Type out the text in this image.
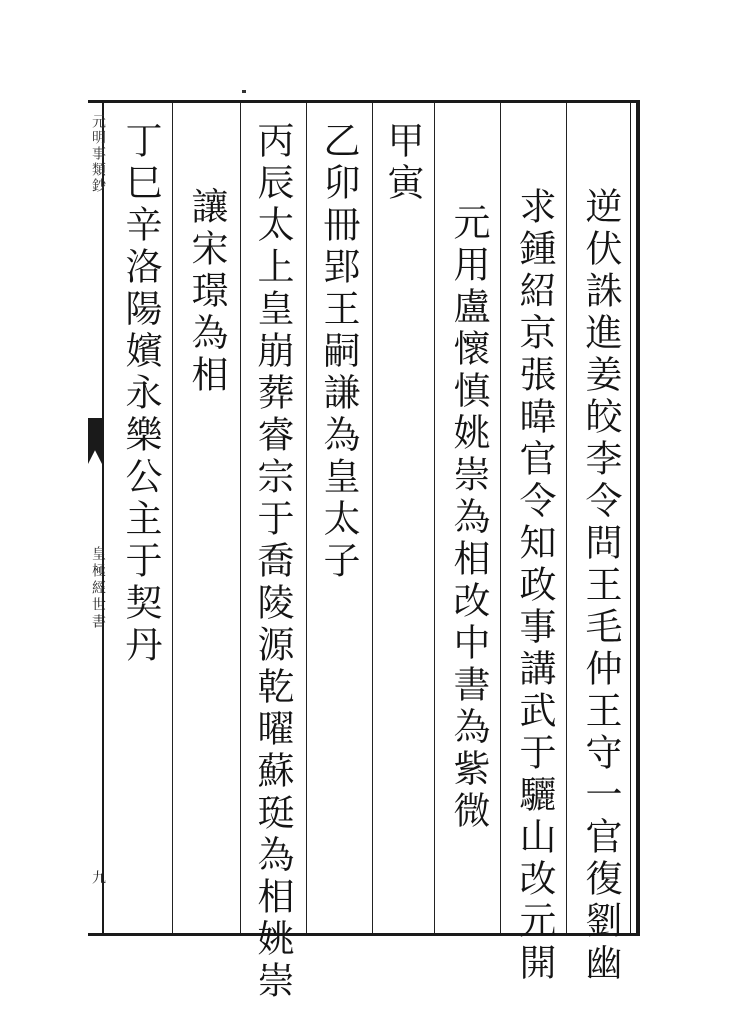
元明事類鈔
皇極經世書
九	逆伏誅進姜皎李令問王毛仲王守一官復劉幽
求鍾紹京張暐官令知政事講武于驪山改元開
元用盧懷慎姚崇為相改中書為紫微
甲寅
乙卯冊郢王嗣謙為皇太子
丙辰太上皇崩葬睿宗于喬陵源乾曜蘇珽為相姚崇
讓宋璟為相
丁巳辛洛陽嬪永樂公主于契丹
